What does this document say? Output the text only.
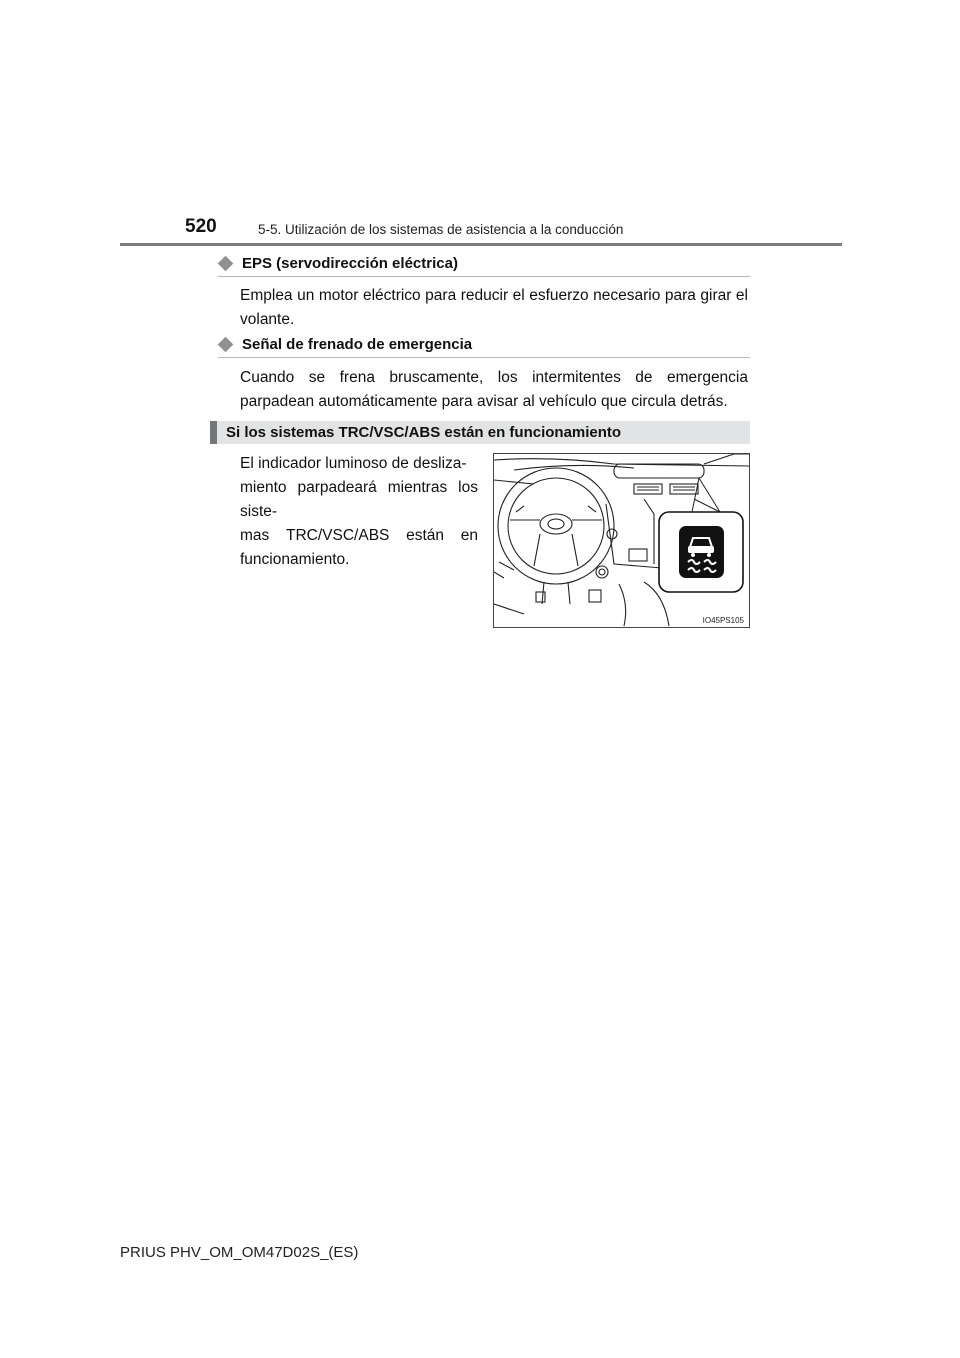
520	5-5. Utilización de los sistemas de asistencia a la conducción
EPS (servodirección eléctrica)
Emplea un motor eléctrico para reducir el esfuerzo necesario para girar el volante.
Señal de frenado de emergencia
Cuando se frena bruscamente, los intermitentes de emergencia parpadean automáticamente para avisar al vehículo que circula detrás.
Si los sistemas TRC/VSC/ABS están en funcionamiento
El indicador luminoso de desliza-
miento parpadeará mientras los siste-
mas TRC/VSC/ABS están en
funcionamiento.
IO45PS105
PRIUS PHV_OM_OM47D02S_(ES)
